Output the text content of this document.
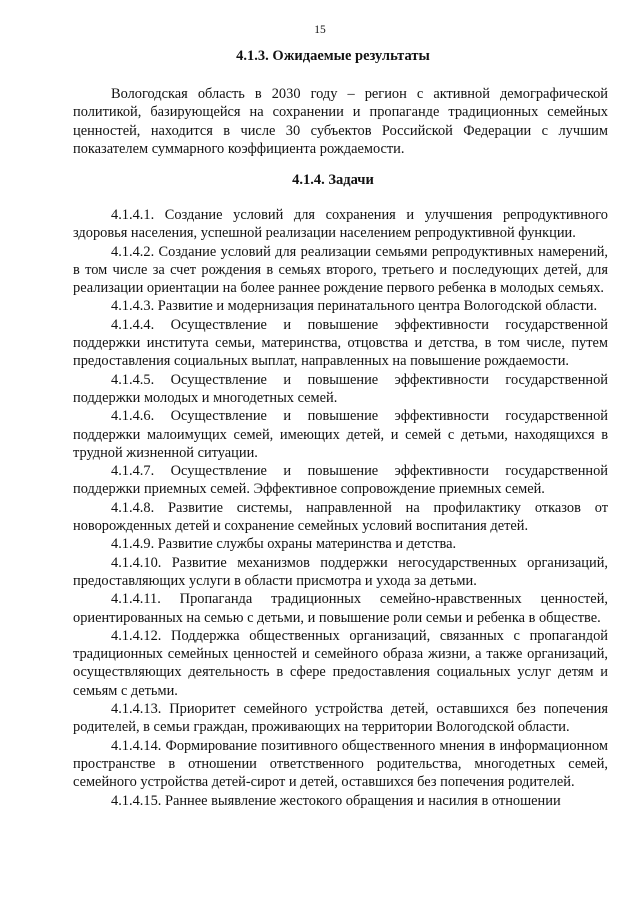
15
4.1.3. Ожидаемые результаты

Вологодская область в 2030 году – регион с активной демографической политикой, базирующейся на сохранении и пропаганде традиционных семейных ценностей, находится в числе 30 субъектов Российской Федерации с лучшим показателем суммарного коэффициента рождаемости.

4.1.4. Задачи

4.1.4.1. Создание условий для сохранения и улучшения репродуктивного здоровья населения, успешной реализации населением репродуктивной функции.

4.1.4.2. Создание условий для реализации семьями репродуктивных намерений, в том числе за счет рождения в семьях второго, третьего и последующих детей, для реализации ориентации на более раннее рождение первого ребенка в молодых семьях.

4.1.4.3. Развитие и модернизация перинатального центра Вологодской области.

4.1.4.4. Осуществление и повышение эффективности государственной поддержки института семьи, материнства, отцовства и детства, в том числе, путем предоставления социальных выплат, направленных на повышение рождаемости.

4.1.4.5. Осуществление и повышение эффективности государственной поддержки молодых и многодетных семей.

4.1.4.6. Осуществление и повышение эффективности государственной поддержки малоимущих семей, имеющих детей, и семей с детьми, находящихся в трудной жизненной ситуации.

4.1.4.7. Осуществление и повышение эффективности государственной поддержки приемных семей. Эффективное сопровождение приемных семей.

4.1.4.8. Развитие системы, направленной на профилактику отказов от новорожденных детей и сохранение семейных условий воспитания детей.

4.1.4.9. Развитие службы охраны материнства и детства.

4.1.4.10. Развитие механизмов поддержки негосударственных организаций, предоставляющих услуги в области присмотра и ухода за детьми.

4.1.4.11. Пропаганда традиционных семейно-нравственных ценностей, ориентированных на семью с детьми, и повышение роли семьи и ребенка в обществе.

4.1.4.12. Поддержка общественных организаций, связанных с пропагандой традиционных семейных ценностей и семейного образа жизни, а также организаций, осуществляющих деятельность в сфере предоставления социальных услуг детям и семьям с детьми.

4.1.4.13. Приоритет семейного устройства детей, оставшихся без попечения родителей, в семьи граждан, проживающих на территории Вологодской области.

4.1.4.14. Формирование позитивного общественного мнения в информационном пространстве в отношении ответственного родительства, многодетных семей, семейного устройства детей-сирот и детей, оставшихся без попечения родителей.

4.1.4.15. Раннее выявление жестокого обращения и насилия в отношении
